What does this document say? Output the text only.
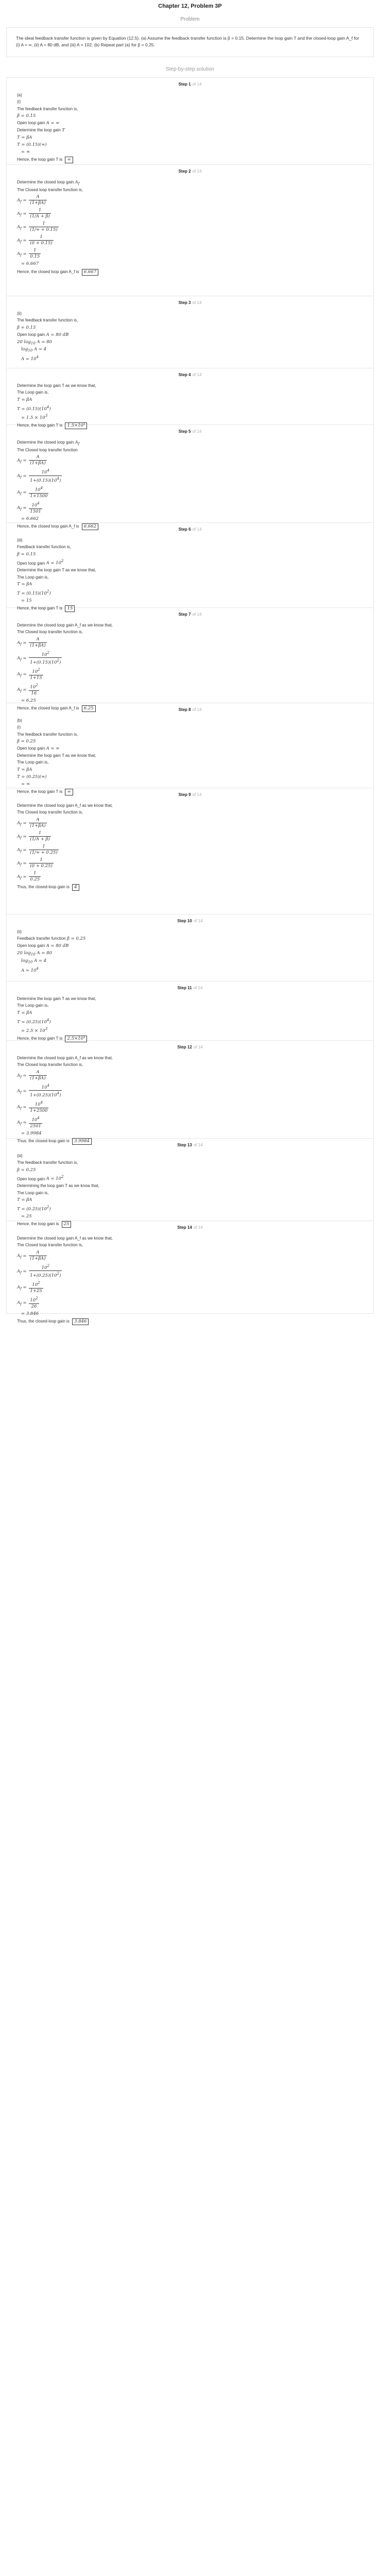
Chapter 12, Problem 3P
Problem
The ideal feedback transfer function is given by Equation (12.5). (a) Assume the feedback transfer function is β = 0.15. Determine the loop gain T and the closed-loop gain A_f for (i) A = ∞, (ii) A = 80 dB, and (iii) A = 102. (b) Repeat part (a) for β = 0.25.
Step-by-step solution
Step 1 of 14
(a)
(i)
The feedback transfer function is,
β = 0.15
Open loop gain A = ∞
Determine the loop gain T
T = βA
T = (0.15)(∞)
= ∞
Hence, the loop gain T is ∞
Step 2 of 14
Determine the closed loop gain $A_f$
The Closed loop transfer function is,
$A_f = \frac{A}{(1+\beta A)}$
$A_f = \frac{1}{(1/A + \beta)}$
$A_f = \frac{1}{(1/\infty + 0.15)}$
$A_f = \frac{1}{(0 + 0.15)}$
$A_f = \frac{1}{0.15}$
= 6.667
Hence, the closed loop gain A_f is 6.667
Step 3 of 14
(ii)
The feedback transfer function is,
β = 0.15
Open loop gain A = 80 dB
20 $\log_{10} A = 80$
$\log_{10} A = 4$
$A = 10^4$
Step 4 of 14
Determine the loop gain T as we know that,
The Loop gain is,
T = βA
$T = (0.15)(10^4)$
= $1.5 \times 10^3$
Hence, the loop gain T is 1.5×10³
Step 5 of 14
Determine the closed loop gain $A_f$
The Closed loop transfer function
$A_f = \frac{A}{(1+\beta A)}$
$A_f = \frac{10^4}{1+(0.15)(10^4)}$
$A_f = \frac{10^4}{1+1500}$
$A_f = \frac{10^4}{1501}$
= 6.662
Hence, the closed loop gain A_f is 6.662
Step 6 of 14
(iii)
Feedback transfer function is,
β = 0.15
Open loop gain $A = 10^2$
Determine the loop gain T as we know that,
The Loop gain is,
T = βA
$T = (0.15)(10^2)$
= 15
Hence, the loop gain T is 15
Step 7 of 14
Determine the closed loop gain A_f as we know that,
The Closed loop transfer function is,
$A_f = \frac{A}{(1+\beta A)}$
$A_f = \frac{10^2}{1+(0.15)(10^2)}$
$A_f = \frac{10^2}{1+15}$
$A_f = \frac{10^2}{16}$
= 6.25
Hence, the closed loop gain A_f is 6.25	Step 8 of 14
(b)
(i)
The feedback transfer function is,
β = 0.25
Open loop gain A = ∞
Determine the loop gain T as we know that,
The Loop gain is,
T = βA
T = (0.25)(∞)
= ∞
Hence, the loop gain T is ∞
Step 9 of 14
Determine the closed loop gain A_f as we know that,
The Closed loop transfer function is,
$A_f = \frac{A}{(1+\beta A)}$
$A_f = \frac{1}{(1/A + \beta)}$
$A_f = \frac{1}{(1/\infty + 0.25)}$
$A_f = \frac{1}{(0 + 0.25)}$
$A_f = \frac{1}{0.25}$
Thus, the closed-loop gain is 4
Step 10 of 14
(ii)
Feedback transfer function β = 0.25
Open loop gain A = 80 dB
20 $\log_{10} A = 80$
$\log_{10} A = 4$
$A = 10^4$
Step 11 of 14
Determine the loop gain T as we know that,
The Loop gain is,
T = βA
$T = (0.25)(10^4)$
= $2.5 \times 10^3$
Hence, the loop gain T is 2.5×10³
Step 12 of 14
Determine the closed loop gain A_f as we know that,
The Closed loop transfer function is,
$A_f = \frac{A}{(1+\beta A)}$
$A_f = \frac{10^4}{1+(0.25)(10^4)}$
$A_f = \frac{10^4}{1+2500}$
$A_f = \frac{10^4}{2501}$
= 3.9984
Thus, the closed-loop gain is 3.9984
Step 13 of 14
(iii)
The feedback transfer function is,
β = 0.25
Open loop gain $A = 10^2$
Determining the loop gain T as we know that,
The Loop gain is,
T = βA
$T = (0.25)(10^2)$
= 25
Hence, the loop gain is 25
Step 14 of 14
Determine the closed loop gain A_f as we know that,
The Closed loop transfer function is,
$A_f = \frac{A}{(1+\beta A)}$
$A_f = \frac{10^2}{1+(0.25)(10^2)}$
$A_f = \frac{10^2}{1+25}$
$A_f = \frac{10^2}{26}$
= 3.846
Thus, the closed-loop gain is 3.846
